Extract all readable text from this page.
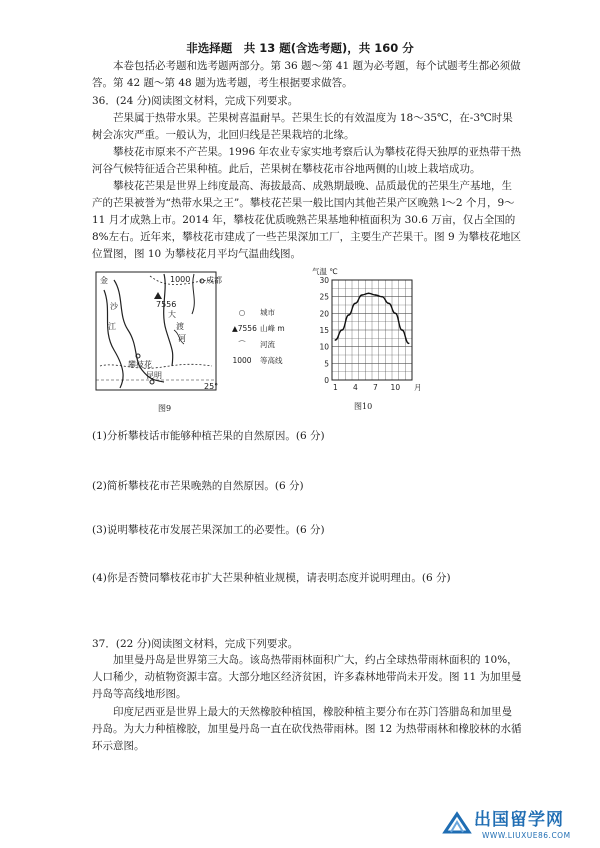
非选择题　共 13 题(含选考题)，共 160 分

本卷包括必考题和选考题两部分。第 36 题～第 41 题为必考题，每个试题考生都必须做答。第 42 题～第 48 题为选考题，考生根据要求做答。

36．(24 分)阅读图文材料，完成下列要求。

芒果属于热带水果。芒果树喜温耐旱。芒果生长的有效温度为 18～35℃，在-3℃时果树会冻灾严重。一般认为，北回归线是芒果栽培的北缘。

攀枝花市原来不产芒果。1996 年农业专家实地考察后认为攀枝花得天独厚的亚热带干热河谷气候特征适合芒果种植。此后，芒果树在攀枝花市谷地两侧的山坡上栽培成功。

攀枝花芒果是世界上纬度最高、海拔最高、成熟期最晚、品质最优的芒果生产基地，生产的芒果被誉为“热带水果之王”。攀枝花芒果一般比国内其他芒果产区晚熟 l～2 个月，9～11 月才成熟上市。2014 年，攀枝花优质晚熟芒果基地种植面积为 30.6 万亩，仅占全国的 8%左右。近年来，攀枝花市建成了一些芒果深加工厂，主要生产芒果干。图 9 为攀枝花地区位置图，图 10 为攀枝花月平均气温曲线图。

金	1000 成都
7556
沙
大
渡
河
江
攀枝花
昆明
25°
图9
○	城市
▲7556 山峰 m
⌒	河流
1000 等高线
气温 ℃
30
25
20
15
10
5
0
1 4 7 10 月
图10

(1)分析攀枝话市能够种植芒果的自然原因。(6 分)

(2)简析攀枝花市芒果晚熟的自然原因。(6 分)

(3)说明攀枝花市发展芒果深加工的必要性。(6 分)

(4)你是否赞同攀枝花市扩大芒果种植业规模，请表明态度并说明理由。(6 分)

37．(22 分)阅读图文材料，完成下列要求。

加里曼丹岛是世界第三大岛。该岛热带雨林面积广大，约占全球热带雨林面积的 10%，人口稀少，动植物资源丰富。大部分地区经济贫困，许多森林地带尚未开发。图 11 为加里曼丹岛等高线地形图。

印度尼西亚是世界上最大的天然橡胶种植国，橡胶种植主要分布在苏门答腊岛和加里曼丹岛。为大力种植橡胶，加里曼丹岛一直在砍伐热带雨林。图 12 为热带雨林和橡胶林的水循环示意图。

出国留学网
WWW.LIUXUE86.COM
